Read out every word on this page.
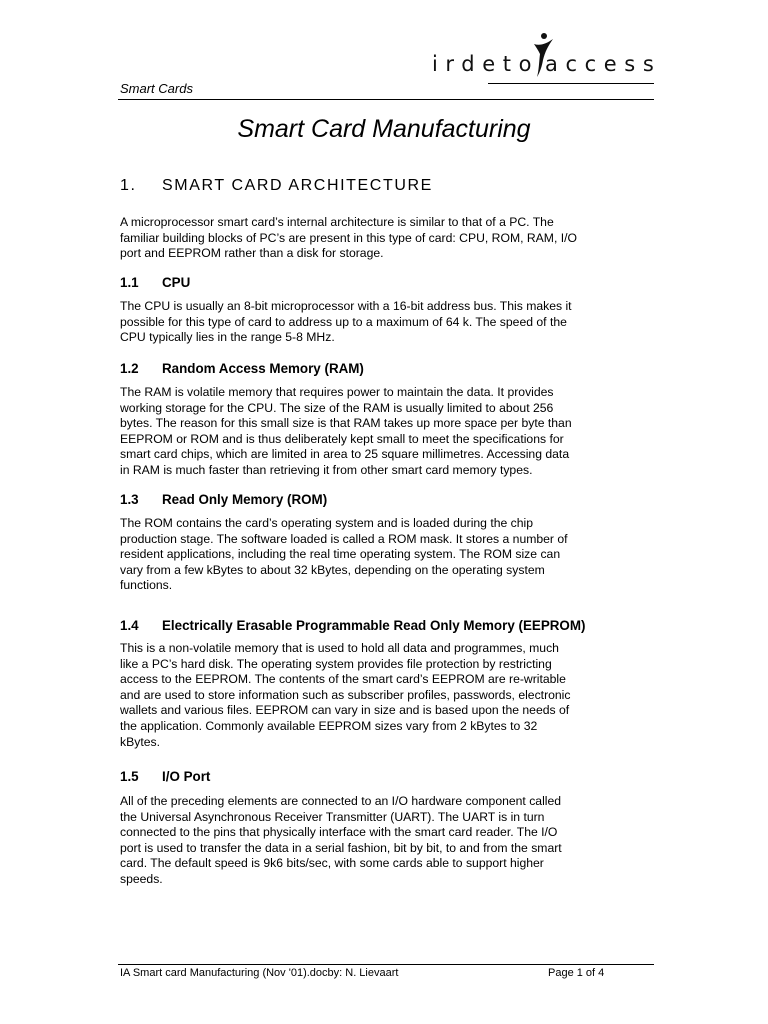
irdeto access
Smart Cards
Smart Card Manufacturing
1. SMART CARD ARCHITECTURE

A microprocessor smart card’s internal architecture is similar to that of a PC. The
familiar building blocks of PC’s are present in this type of card: CPU, ROM, RAM, I/O
port and EEPROM rather than a disk for storage.

1.1 CPU

The CPU is usually an 8-bit microprocessor with a 16-bit address bus. This makes it
possible for this type of card to address up to a maximum of 64 k. The speed of the
CPU typically lies in the range 5-8 MHz.

1.2 Random Access Memory (RAM)

The RAM is volatile memory that requires power to maintain the data. It provides
working storage for the CPU. The size of the RAM is usually limited to about 256
bytes. The reason for this small size is that RAM takes up more space per byte than
EEPROM or ROM and is thus deliberately kept small to meet the specifications for
smart card chips, which are limited in area to 25 square millimetres. Accessing data
in RAM is much faster than retrieving it from other smart card memory types.

1.3 Read Only Memory (ROM)

The ROM contains the card’s operating system and is loaded during the chip
production stage. The software loaded is called a ROM mask. It stores a number of
resident applications, including the real time operating system. The ROM size can
vary from a few kBytes to about 32 kBytes, depending on the operating system
functions.

1.4 Electrically Erasable Programmable Read Only Memory (EEPROM)

This is a non-volatile memory that is used to hold all data and programmes, much
like a PC’s hard disk. The operating system provides file protection by restricting
access to the EEPROM. The contents of the smart card’s EEPROM are re-writable
and are used to store information such as subscriber profiles, passwords, electronic
wallets and various files. EEPROM can vary in size and is based upon the needs of
the application. Commonly available EEPROM sizes vary from 2 kBytes to 32
kBytes.

1.5 I/O Port

All of the preceding elements are connected to an I/O hardware component called
the Universal Asynchronous Receiver Transmitter (UART). The UART is in turn
connected to the pins that physically interface with the smart card reader. The I/O
port is used to transfer the data in a serial fashion, bit by bit, to and from the smart
card. The default speed is 9k6 bits/sec, with some cards able to support higher
speeds.

IA Smart card Manufacturing (Nov '01).docby: N. Lievaart	Page 1 of 4
